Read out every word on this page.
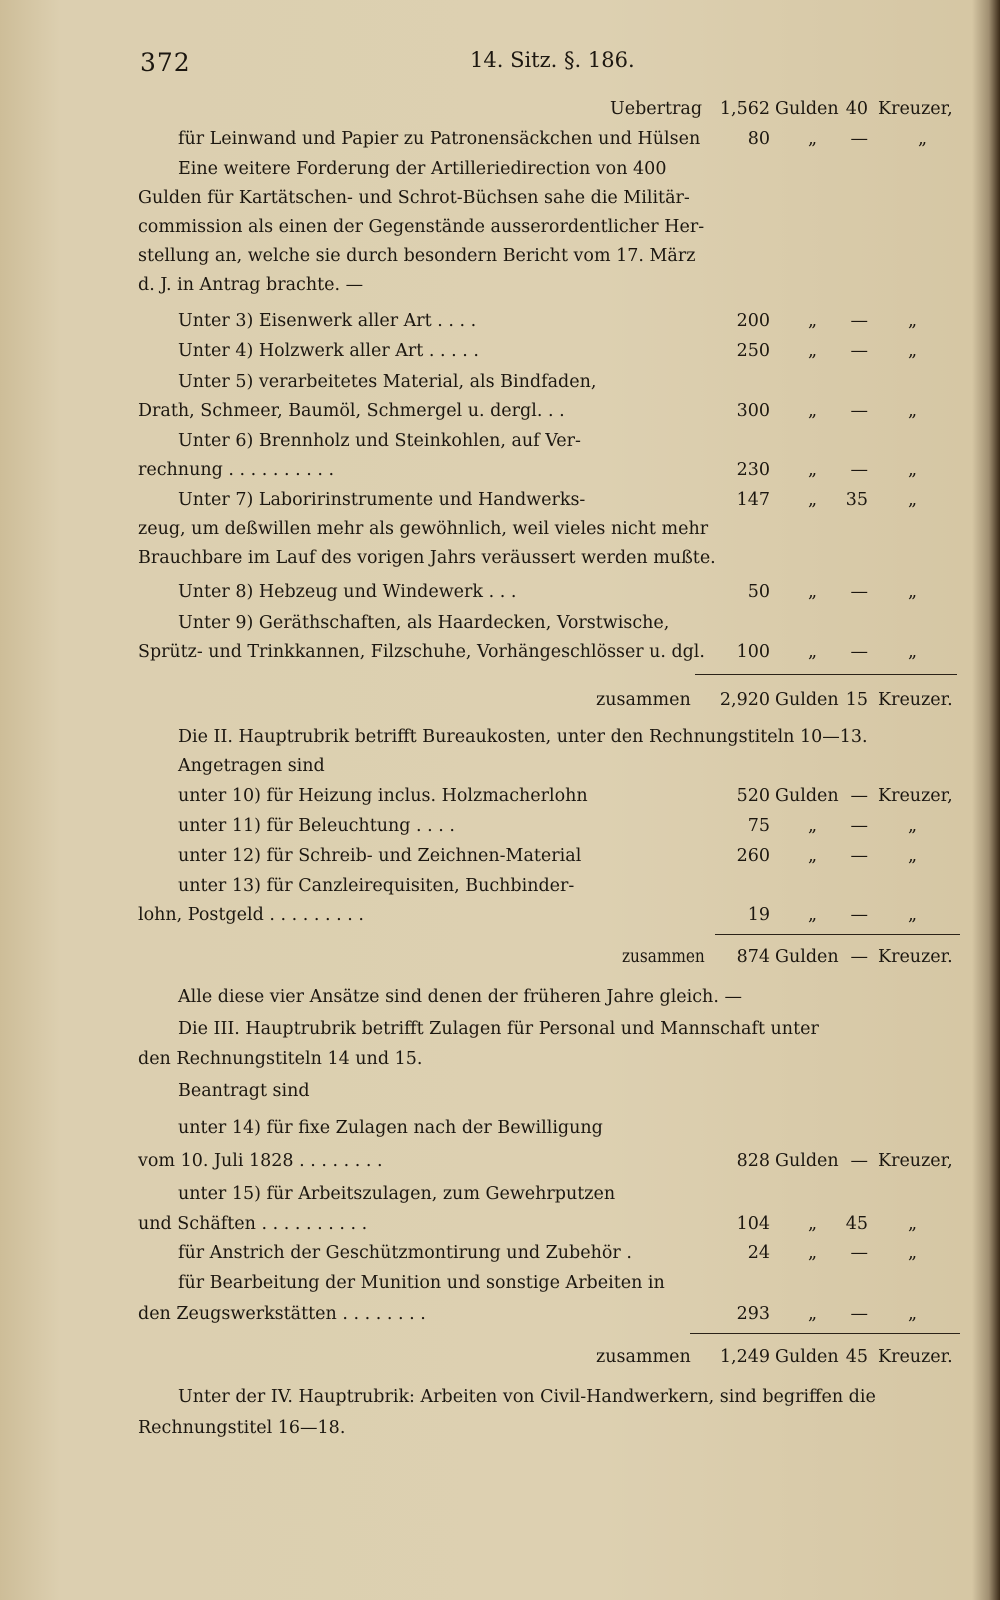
372	14. Sitz. §. 186.
Uebertrag	1,562 Gulden 40 Kreuzer,
für Leinwand und Papier zu Patronensäckchen und Hülsen	80 „	—	„
Eine weitere Forderung der Artilleriedirection von 400
Gulden für Kartätschen- und Schrot-Büchsen sahe die Militär-
commission als einen der Gegenstände ausserordentlicher Her-
stellung an, welche sie durch besondern Bericht vom 17. März
d. J. in Antrag brachte. —
Unter 3) Eisenwerk aller Art . . . .	200 „	— „
Unter 4) Holzwerk aller Art . . . . .	250 „	— „
Unter 5) verarbeitetes Material, als Bindfaden,
Drath, Schmeer, Baumöl, Schmergel u. dergl. . .	300 „	— „
Unter 6) Brennholz und Steinkohlen, auf Ver-
rechnung . . . . . . . . . .	230 „	— „
Unter 7) Laboririnstrumente und Handwerks-	147 „	35 „
zeug, um deßwillen mehr als gewöhnlich, weil vieles nicht mehr
Brauchbare im Lauf des vorigen Jahrs veräussert werden mußte.
Unter 8) Hebzeug und Windewerk . . .	50 „	— „
Unter 9) Geräthschaften, als Haardecken, Vorstwische,
Sprütz- und Trinkkannen, Filzschuhe, Vorhängeschlösser u. dgl.	100 „	— „
zusammen	2,920 Gulden 15 Kreuzer.
Die II. Hauptrubrik betrifft Bureaukosten, unter den Rechnungstiteln 10—13.
Angetragen sind
unter 10) für Heizung inclus. Holzmacherlohn	520 Gulden — Kreuzer,
unter 11) für Beleuchtung . . . .	75 „	— „
unter 12) für Schreib- und Zeichnen-Material	260 „	— „
unter 13) für Canzleirequisiten, Buchbinder-
lohn, Postgeld . . . . . . . . .	19 „	— „
zusammen	874 Gulden — Kreuzer.
Alle diese vier Ansätze sind denen der früheren Jahre gleich. —
Die III. Hauptrubrik betrifft Zulagen für Personal und Mannschaft unter
den Rechnungstiteln 14 und 15.
Beantragt sind
unter 14) für fixe Zulagen nach der Bewilligung
vom 10. Juli 1828 . . . . . . . .	828 Gulden — Kreuzer,
unter 15) für Arbeitszulagen, zum Gewehrputzen
und Schäften . . . . . . . . . .	104 „	45 „
für Anstrich der Geschützmontirung und Zubehör .	24 „	— „
für Bearbeitung der Munition und sonstige Arbeiten in
den Zeugswerkstätten . . . . . . . .	293 „	— „
zusammen	1,249 Gulden 45 Kreuzer.
Unter der IV. Hauptrubrik: Arbeiten von Civil-Handwerkern, sind begriffen die
Rechnungstitel 16—18.
